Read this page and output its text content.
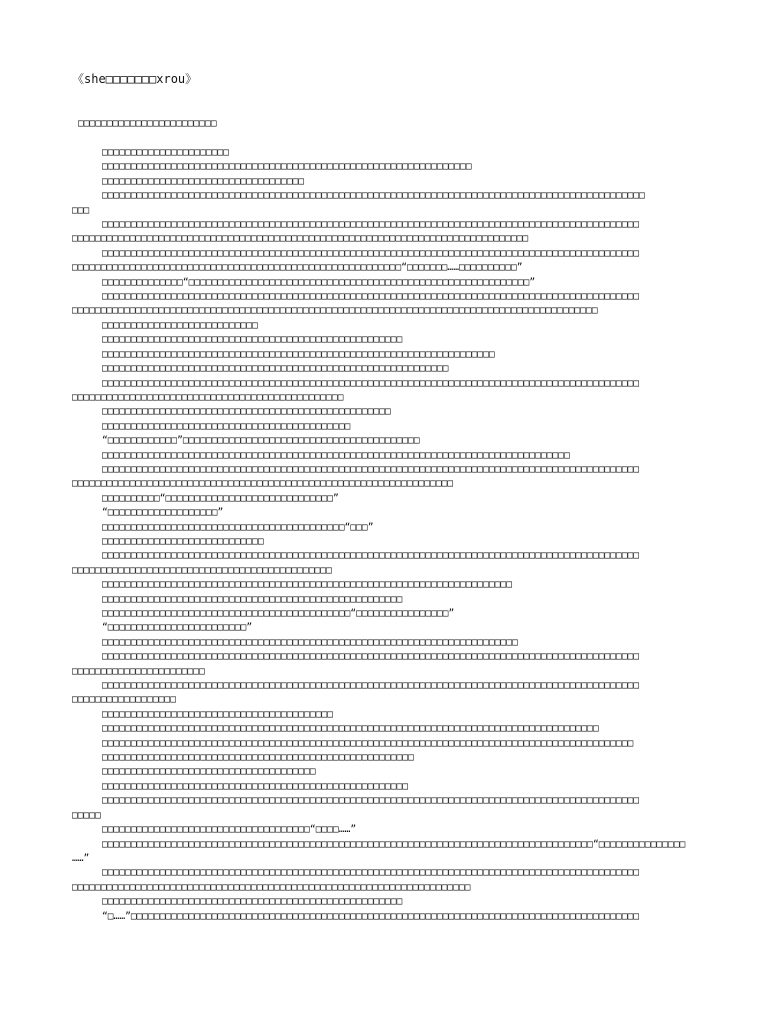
《she□□□□□□□xrou》
□□□□□□□□□□□□□□□□□□□□□□□□
□□□□□□□□□□□□□□□□□□□□□□
□□□□□□□□□□□□□□□□□□□□□□□□□□□□□□□□□□□□□□□□□□□□□□□□□□□□□□□□□□□□□□□□
□□□□□□□□□□□□□□□□□□□□□□□□□□□□□□□□□□□
□□□□□□□□□□□□□□□□□□□□□□□□□□□□□□□□□□□□□□□□□□□□□□□□□□□□□□□□□□□□□□□□□□□□□□□□□□□□□□□□□□□□□□□□□□□□□□
□□□
□□□□□□□□□□□□□□□□□□□□□□□□□□□□□□□□□□□□□□□□□□□□□□□□□□□□□□□□□□□□□□□□□□□□□□□□□□□□□□□□□□□□□□□□□□□□□
□□□□□□□□□□□□□□□□□□□□□□□□□□□□□□□□□□□□□□□□□□□□□□□□□□□□□□□□□□□□□□□□□□□□□□□□□□□□□□□
□□□□□□□□□□□□□□□□□□□□□□□□□□□□□□□□□□□□□□□□□□□□□□□□□□□□□□□□□□□□□□□□□□□□□□□□□□□□□□□□□□□□□□□□□□□□□
□□□□□□□□□□□□□□□□□□□□□□□□□□□□□□□□□□□□□□□□□□□□□□□□□□□□□□□□□“□□□□□□□……□□□□□□□□□□”
□□□□□□□□□□□□□□“□□□□□□□□□□□□□□□□□□□□□□□□□□□□□□□□□□□□□□□□□□□□□□□□□□□□□□□□□□□”
□□□□□□□□□□□□□□□□□□□□□□□□□□□□□□□□□□□□□□□□□□□□□□□□□□□□□□□□□□□□□□□□□□□□□□□□□□□□□□□□□□□□□□□□□□□□□
□□□□□□□□□□□□□□□□□□□□□□□□□□□□□□□□□□□□□□□□□□□□□□□□□□□□□□□□□□□□□□□□□□□□□□□□□□□□□□□□□□□□□□□□□□□
□□□□□□□□□□□□□□□□□□□□□□□□□□□
□□□□□□□□□□□□□□□□□□□□□□□□□□□□□□□□□□□□□□□□□□□□□□□□□□□□
□□□□□□□□□□□□□□□□□□□□□□□□□□□□□□□□□□□□□□□□□□□□□□□□□□□□□□□□□□□□□□□□□□□□
□□□□□□□□□□□□□□□□□□□□□□□□□□□□□□□□□□□□□□□□□□□□□□□□□□□□□□□□□□□□
□□□□□□□□□□□□□□□□□□□□□□□□□□□□□□□□□□□□□□□□□□□□□□□□□□□□□□□□□□□□□□□□□□□□□□□□□□□□□□□□□□□□□□□□□□□□□
□□□□□□□□□□□□□□□□□□□□□□□□□□□□□□□□□□□□□□□□□□□□□□□
□□□□□□□□□□□□□□□□□□□□□□□□□□□□□□□□□□□□□□□□□□□□□□□□□□
□□□□□□□□□□□□□□□□□□□□□□□□□□□□□□□□□□□□□□□□□□□
“□□□□□□□□□□□□”□□□□□□□□□□□□□□□□□□□□□□□□□□□□□□□□□□□□□□□□□
□□□□□□□□□□□□□□□□□□□□□□□□□□□□□□□□□□□□□□□□□□□□□□□□□□□□□□□□□□□□□□□□□□□□□□□□□□□□□□□□□
□□□□□□□□□□□□□□□□□□□□□□□□□□□□□□□□□□□□□□□□□□□□□□□□□□□□□□□□□□□□□□□□□□□□□□□□□□□□□□□□□□□□□□□□□□□□□
□□□□□□□□□□□□□□□□□□□□□□□□□□□□□□□□□□□□□□□□□□□□□□□□□□□□□□□□□□□□□□□□□□
□□□□□□□□□□“□□□□□□□□□□□□□□□□□□□□□□□□□□□□□”
“□□□□□□□□□□□□□□□□□□□”
□□□□□□□□□□□□□□□□□□□□□□□□□□□□□□□□□□□□□□□□□□“□□□”
□□□□□□□□□□□□□□□□□□□□□□□□□□□□
□□□□□□□□□□□□□□□□□□□□□□□□□□□□□□□□□□□□□□□□□□□□□□□□□□□□□□□□□□□□□□□□□□□□□□□□□□□□□□□□□□□□□□□□□□□□□
□□□□□□□□□□□□□□□□□□□□□□□□□□□□□□□□□□□□□□□□□□□□□
□□□□□□□□□□□□□□□□□□□□□□□□□□□□□□□□□□□□□□□□□□□□□□□□□□□□□□□□□□□□□□□□□□□□□□□
□□□□□□□□□□□□□□□□□□□□□□□□□□□□□□□□□□□□□□□□□□□□□□□□□□□□
□□□□□□□□□□□□□□□□□□□□□□□□□□□□□□□□□□□□□□□□□□□“□□□□□□□□□□□□□□□□”
“□□□□□□□□□□□□□□□□□□□□□□□□”
□□□□□□□□□□□□□□□□□□□□□□□□□□□□□□□□□□□□□□□□□□□□□□□□□□□□□□□□□□□□□□□□□□□□□□□□
□□□□□□□□□□□□□□□□□□□□□□□□□□□□□□□□□□□□□□□□□□□□□□□□□□□□□□□□□□□□□□□□□□□□□□□□□□□□□□□□□□□□□□□□□□□□□
□□□□□□□□□□□□□□□□□□□□□□□
□□□□□□□□□□□□□□□□□□□□□□□□□□□□□□□□□□□□□□□□□□□□□□□□□□□□□□□□□□□□□□□□□□□□□□□□□□□□□□□□□□□□□□□□□□□□□
□□□□□□□□□□□□□□□□□□
□□□□□□□□□□□□□□□□□□□□□□□□□□□□□□□□□□□□□□□□
□□□□□□□□□□□□□□□□□□□□□□□□□□□□□□□□□□□□□□□□□□□□□□□□□□□□□□□□□□□□□□□□□□□□□□□□□□□□□□□□□□□□□□
□□□□□□□□□□□□□□□□□□□□□□□□□□□□□□□□□□□□□□□□□□□□□□□□□□□□□□□□□□□□□□□□□□□□□□□□□□□□□□□□□□□□□□□□□□□□
□□□□□□□□□□□□□□□□□□□□□□□□□□□□□□□□□□□□□□□□□□□□□□□□□□□□□□
□□□□□□□□□□□□□□□□□□□□□□□□□□□□□□□□□□□□□
□□□□□□□□□□□□□□□□□□□□□□□□□□□□□□□□□□□□□□□□□□□□□□□□□□□□□
□□□□□□□□□□□□□□□□□□□□□□□□□□□□□□□□□□□□□□□□□□□□□□□□□□□□□□□□□□□□□□□□□□□□□□□□□□□□□□□□□□□□□□□□□□□□□
□□□□□
□□□□□□□□□□□□□□□□□□□□□□□□□□□□□□□□□□□□“□□□□……”
□□□□□□□□□□□□□□□□□□□□□□□□□□□□□□□□□□□□□□□□□□□□□□□□□□□□□□□□□□□□□□□□□□□□□□□□□□□□□□□□□□□□□“□□□□□□□□□□□□□□□
……”
□□□□□□□□□□□□□□□□□□□□□□□□□□□□□□□□□□□□□□□□□□□□□□□□□□□□□□□□□□□□□□□□□□□□□□□□□□□□□□□□□□□□□□□□□□□□□
□□□□□□□□□□□□□□□□□□□□□□□□□□□□□□□□□□□□□□□□□□□□□□□□□□□□□□□□□□□□□□□□□□□□□
□□□□□□□□□□□□□□□□□□□□□□□□□□□□□□□□□□□□□□□□□□□□□□□□□□□□
“□……”□□□□□□□□□□□□□□□□□□□□□□□□□□□□□□□□□□□□□□□□□□□□□□□□□□□□□□□□□□□□□□□□□□□□□□□□□□□□□□□□□□□□□□□□
